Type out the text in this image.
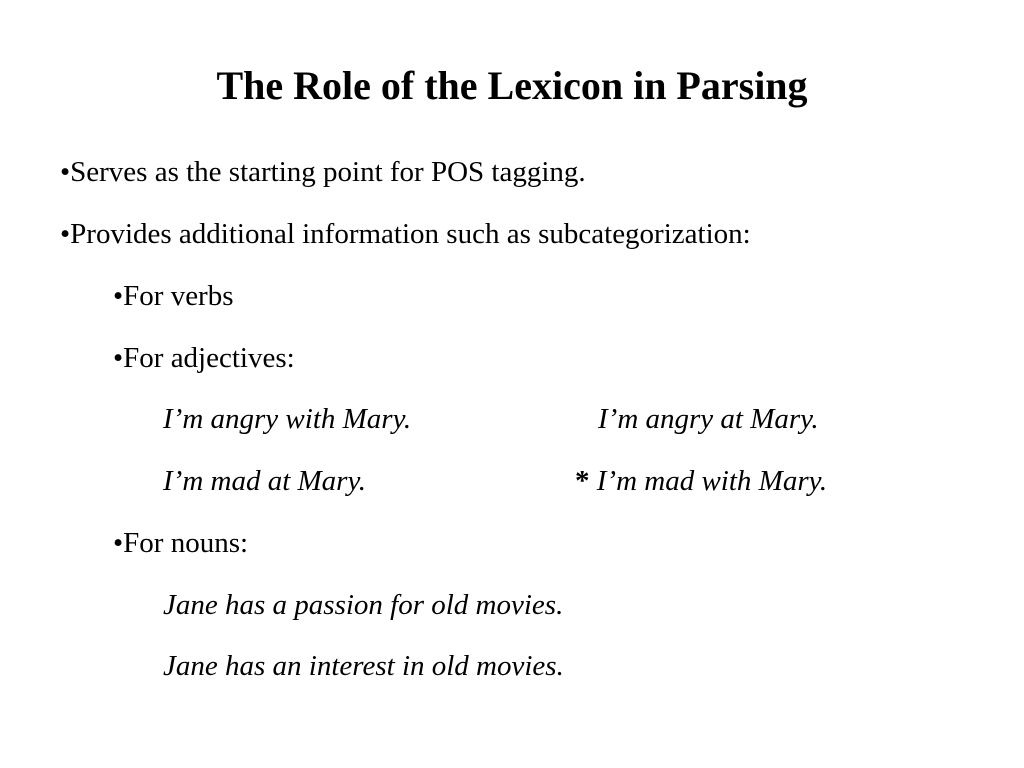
The Role of the Lexicon in Parsing
•Serves as the starting point for POS tagging.
•Provides additional information such as subcategorization:
•For verbs
•For adjectives:
I’m angry with Mary.	I’m angry at Mary.
I’m mad at Mary.	* I’m mad with Mary.
•For nouns:
Jane has a passion for old movies.
Jane has an interest in old movies.
